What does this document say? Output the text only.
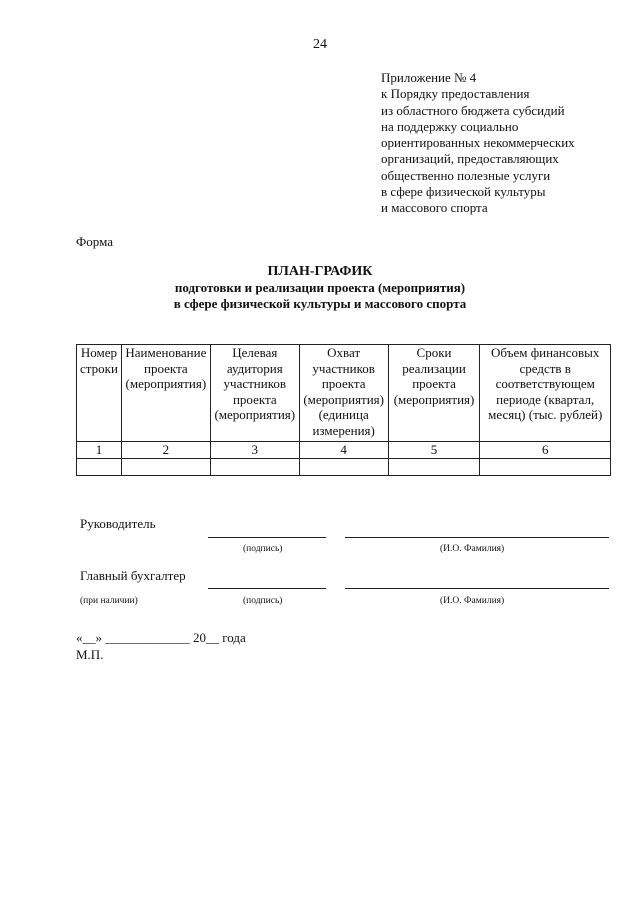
24
Приложение № 4
к Порядку предоставления
из областного бюджета субсидий
на поддержку социально
ориентированных некоммерческих
организаций, предоставляющих
общественно полезные услуги
в сфере физической культуры
и массового спорта
Форма
ПЛАН-ГРАФИК
подготовки и реализации проекта (мероприятия)
в сфере физической культуры и массового спорта
Номер строки	Наименование проекта (мероприятия)	Целевая аудитория участников проекта (мероприятия)	Охват участников проекта (мероприятия) (единица измерения)	Сроки реализации проекта (мероприятия)	Объем финансовых средств в соответствующем периоде (квартал, месяц) (тыс. рублей)
1	2	3	4	5	6

Руководитель
(подпись)	(И.О. Фамилия)
Главный бухгалтер
(при наличии)	(подпись)	(И.О. Фамилия)
«__» _____________ 20__ года
М.П.
